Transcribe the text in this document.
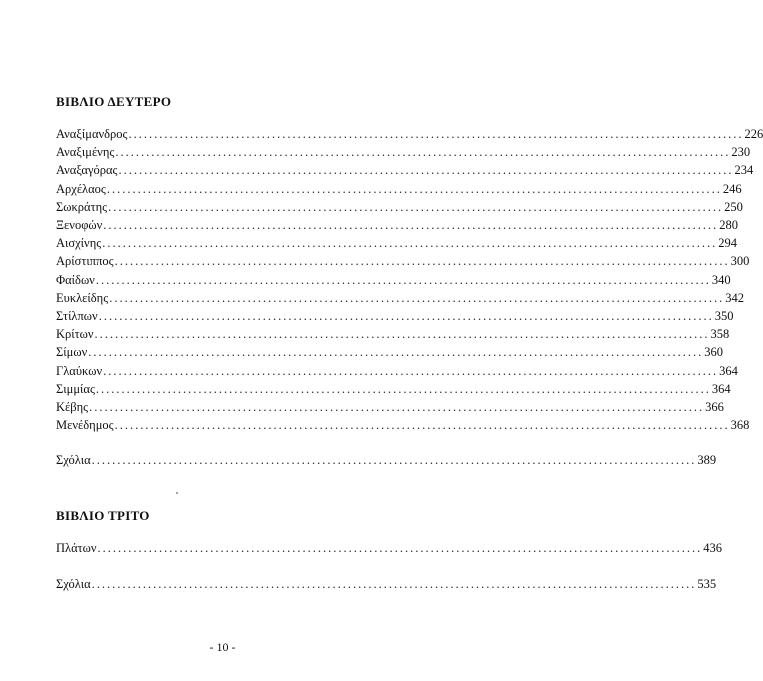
ΒΙΒΛΙΟ ΔΕΥΤΕΡΟ
Αναξίμανδρος ........................................................................................................................ 226
Αναξιμένης ........................................................................................................................ 230
Αναξαγόρας ........................................................................................................................ 234
Αρχέλαος ........................................................................................................................ 246
Σωκράτης ........................................................................................................................ 250
Ξενοφών ........................................................................................................................ 280
Αισχίνης ........................................................................................................................ 294
Αρίστιππος ........................................................................................................................ 300
Φαίδων ........................................................................................................................ 340
Ευκλείδης ........................................................................................................................ 342
Στίλπων ........................................................................................................................ 350
Κρίτων ........................................................................................................................ 358
Σίμων ........................................................................................................................ 360
Γλαύκων ........................................................................................................................ 364
Σιμμίας ........................................................................................................................ 364
Κέβης ........................................................................................................................ 366
Μενέδημος ........................................................................................................................ 368
Σχόλια ...................................................................................................................... 389
ΒΙΒΛΙΟ ΤΡΙΤΟ
Πλάτων ...................................................................................................................... 436
Σχόλια ...................................................................................................................... 535
- 10 -
